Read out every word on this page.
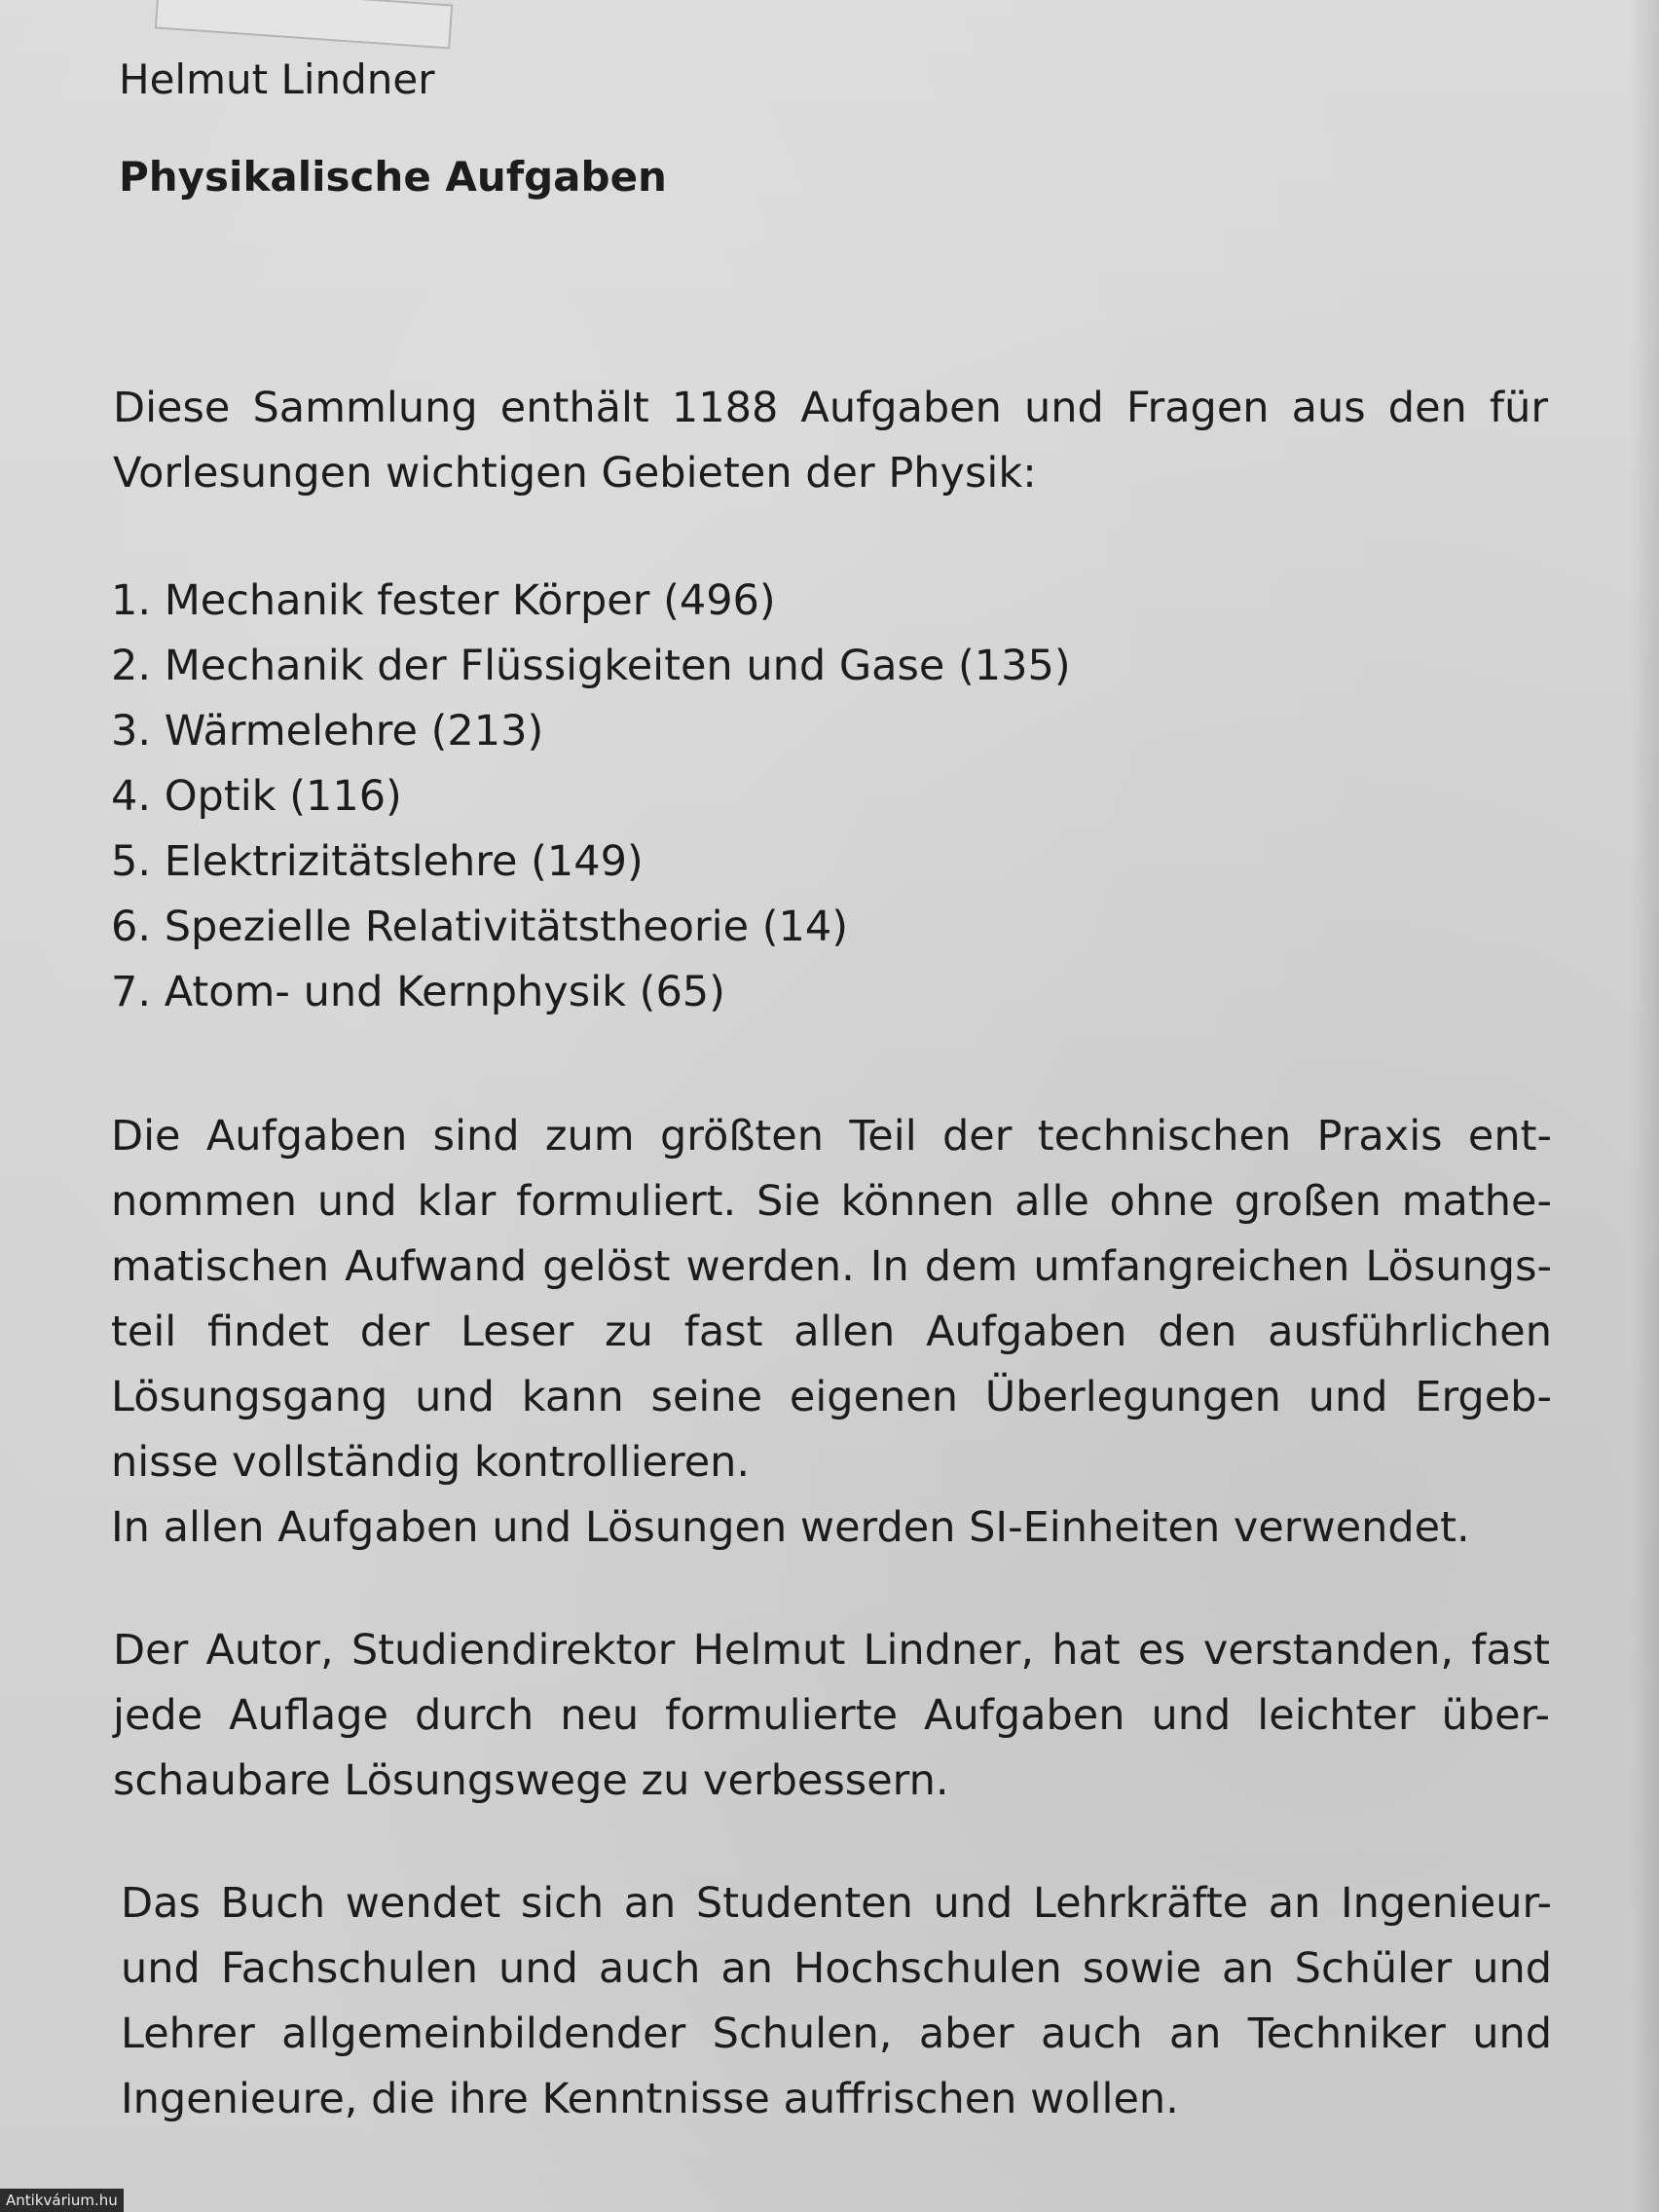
Helmut Lindner
Physikalische Aufgaben
Diese Sammlung enthält 1188 Aufgaben und Fragen aus den für
Vorlesungen wichtigen Gebieten der Physik:
1. Mechanik fester Körper (496)
2. Mechanik der Flüssigkeiten und Gase (135)
3. Wärmelehre (213)
4. Optik (116)
5. Elektrizitätslehre (149)
6. Spezielle Relativitätstheorie (14)
7. Atom- und Kernphysik (65)
Die Aufgaben sind zum größten Teil der technischen Praxis ent-
nommen und klar formuliert. Sie können alle ohne großen mathe-
matischen Aufwand gelöst werden. In dem umfangreichen Lösungs-
teil findet der Leser zu fast allen Aufgaben den ausführlichen
Lösungsgang und kann seine eigenen Überlegungen und Ergeb-
nisse vollständig kontrollieren.
In allen Aufgaben und Lösungen werden SI-Einheiten verwendet.
Der Autor, Studiendirektor Helmut Lindner, hat es verstanden, fast
jede Auflage durch neu formulierte Aufgaben und leichter über-
schaubare Lösungswege zu verbessern.
Das Buch wendet sich an Studenten und Lehrkräfte an Ingenieur-
und Fachschulen und auch an Hochschulen sowie an Schüler und
Lehrer allgemeinbildender Schulen, aber auch an Techniker und
Ingenieure, die ihre Kenntnisse auffrischen wollen.
Antikvárium.hu
